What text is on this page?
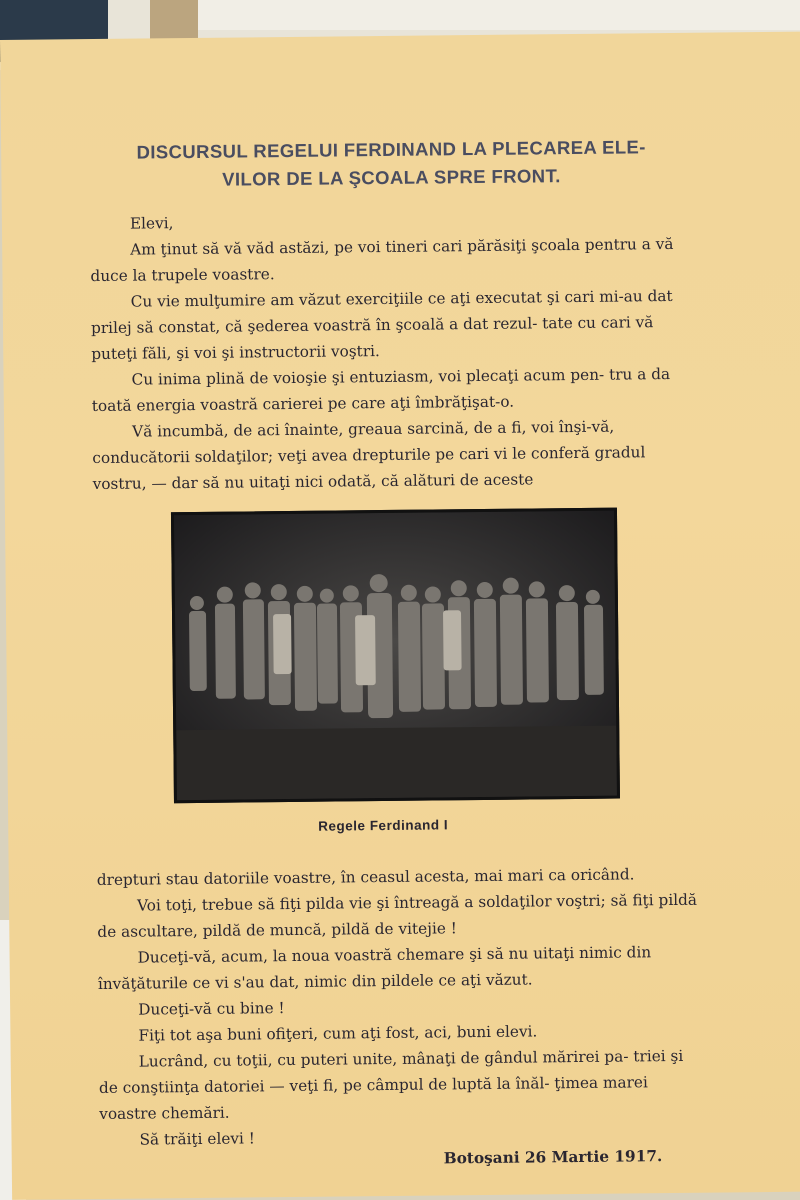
DISCURSUL REGELUI FERDINAND LA PLECAREA ELE-
VILOR DE LA ŞCOALA SPRE FRONT.

Elevi,

Am ţinut să vă văd astăzi, pe voi tineri cari părăsiţi şcoala pentru a vă duce la trupele voastre.

Cu vie mulţumire am văzut exerciţiile ce aţi executat şi cari mi-au dat prilej să constat, că şederea voastră în şcoală a dat rezul- tate cu cari vă puteţi făli, şi voi şi instructorii voştri.

Cu inima plină de voioşie şi entuziasm, voi plecaţi acum pen- tru a da toată energia voastră carierei pe care aţi îmbrăţişat-o.

Vă incumbă, de aci înainte, greaua sarcină, de a fi, voi înşi-vă, conducătorii soldaţilor; veţi avea drepturile pe cari vi le conferă gradul vostru, — dar să nu uitaţi nici odată, că alături de aceste

Regele Ferdinand I

drepturi stau datoriile voastre, în ceasul acesta, mai mari ca oricând.

Voi toţi, trebue să fiţi pilda vie şi întreagă a soldaţilor voştri; să fiţi pildă de ascultare, pildă de muncă, pildă de vitejie !

Duceţi-vă, acum, la noua voastră chemare şi să nu uitaţi nimic din învăţăturile ce vi s'au dat, nimic din pildele ce aţi văzut.

Duceţi-vă cu bine !

Fiţi tot aşa buni ofiţeri, cum aţi fost, aci, buni elevi.

Lucrând, cu toţii, cu puteri unite, mânaţi de gândul mărirei pa- triei şi de conştiinţa datoriei — veţi fi, pe câmpul de luptă la înăl- ţimea marei voastre chemări.

Să trăiţi elevi !

Botoşani 26 Martie 1917.
